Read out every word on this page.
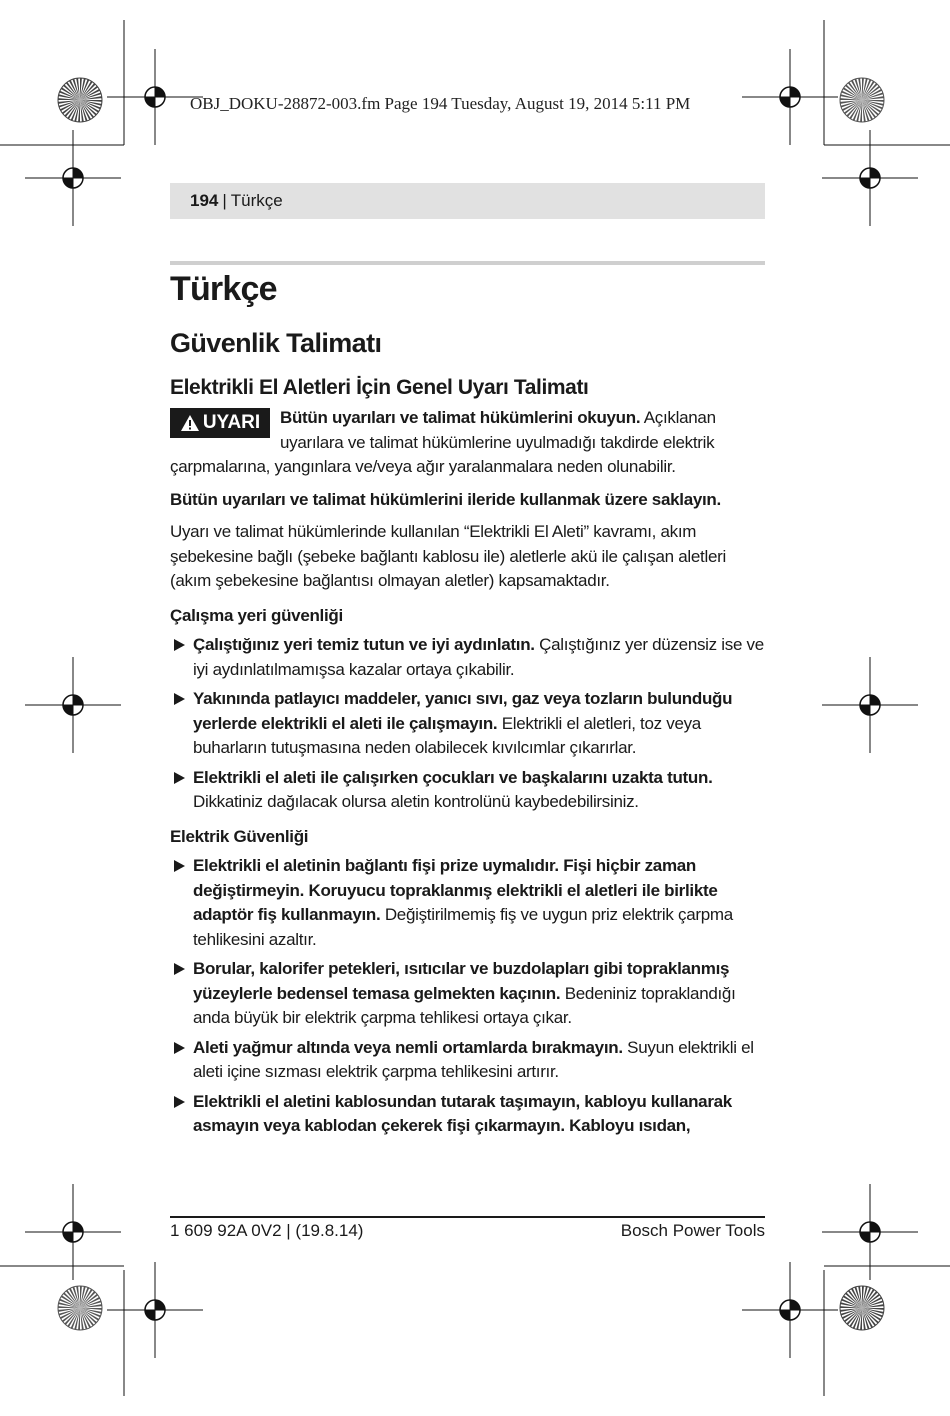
OBJ_DOKU-28872-003.fm Page 194 Tuesday, August 19, 2014 5:11 PM
194 | Türkçe
Türkçe
Güvenlik Talimatı
Elektrikli El Aletleri İçin Genel Uyarı Talimatı
UYARI Bütün uyarıları ve talimat hükümlerini okuyun. Açıklanan uyarılara ve talimat hükümlerine uyulmadığı takdirde elektrik çarpmalarına, yangınlara ve/veya ağır yaralanmalara neden olunabilir.

Bütün uyarıları ve talimat hükümlerini ileride kullanmak üzere saklayın.

Uyarı ve talimat hükümlerinde kullanılan “Elektrikli El Aleti” kavramı, akım şebekesine bağlı (şebeke bağlantı kablosu ile) aletlerle akü ile çalışan aletleri (akım şebekesine bağlantısı olmayan aletler) kapsamaktadır.

Çalışma yeri güvenliği
Çalıştığınız yeri temiz tutun ve iyi aydınlatın. Çalıştığınız yer düzensiz ise ve iyi aydınlatılmamışsa kazalar ortaya çıkabilir.
Yakınında patlayıcı maddeler, yanıcı sıvı, gaz veya tozların bulunduğu yerlerde elektrikli el aleti ile çalışmayın. Elektrikli el aletleri, toz veya buharların tutuşmasına neden olabilecek kıvılcımlar çıkarırlar.
Elektrikli el aleti ile çalışırken çocukları ve başkalarını uzakta tutun. Dikkatiniz dağılacak olursa aletin kontrolünü kaybedebilirsiniz.
Elektrik Güvenliği
Elektrikli el aletinin bağlantı fişi prize uymalıdır. Fişi hiçbir zaman değiştirmeyin. Koruyucu topraklanmış elektrikli el aletleri ile birlikte adaptör fiş kullanmayın. Değiştirilmemiş fiş ve uygun priz elektrik çarpma tehlikesini azaltır.
Borular, kalorifer petekleri, ısıtıcılar ve buzdolapları gibi topraklanmış yüzeylerle bedensel temasa gelmekten kaçının. Bedeniniz topraklandığı anda büyük bir elektrik çarpma tehlikesi ortaya çıkar.
Aleti yağmur altında veya nemli ortamlarda bırakmayın. Suyun elektrikli el aleti içine sızması elektrik çarpma tehlikesini artırır.
Elektrikli el aletini kablosundan tutarak taşımayın, kabloyu kullanarak asmayın veya kablodan çekerek fişi çıkarmayın. Kabloyu ısıdan,
1 609 92A 0V2 | (19.8.14)	Bosch Power Tools
